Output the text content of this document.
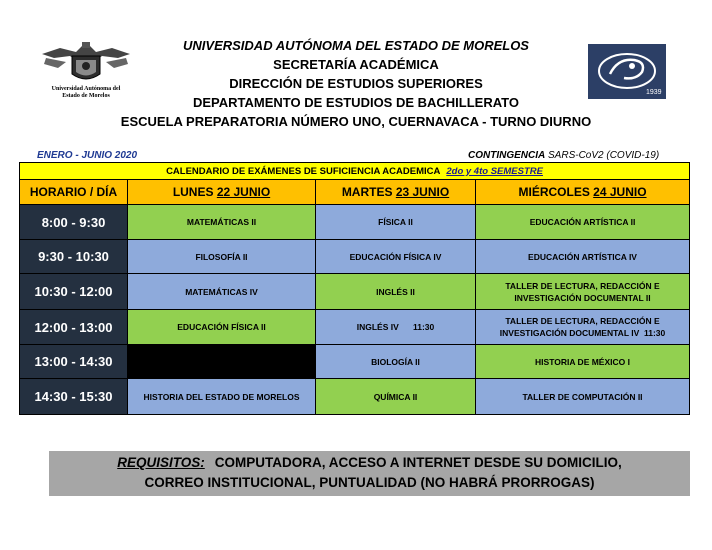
Universidad Autónoma del
Estado de Morelos	1939
UNIVERSIDAD AUTÓNOMA DEL ESTADO DE MORELOS
SECRETARÍA ACADÉMICA
DIRECCIÓN DE ESTUDIOS SUPERIORES
DEPARTAMENTO DE ESTUDIOS DE BACHILLERATO
ESCUELA PREPARATORIA NÚMERO UNO, CUERNAVACA - TURNO DIURNO
ENERO - JUNIO 2020	CONTINGENCIA SARS-CoV2 (COVID-19)
CALENDARIO DE EXÁMENES DE SUFICIENCIA ACADEMICA 2do y 4to SEMESTRE			
HORARIO / DÍA	LUNES 22 JUNIO	MARTES 23 JUNIO	MIÉRCOLES 24 JUNIO
8:00 - 9:30	MATEMÁTICAS II	FÍSICA II	EDUCACIÓN ARTÍSTICA II
9:30 - 10:30	FILOSOFÍA II	EDUCACIÓN FÍSICA IV	EDUCACIÓN ARTÍSTICA IV
10:30 - 12:00	MATEMÁTICAS IV	INGLÉS II	TALLER DE LECTURA, REDACCIÓN E
INVESTIGACIÓN DOCUMENTAL II

12:00 - 13:00	EDUCACIÓN FÍSICA II	INGLÉS IV      11:30	TALLER DE LECTURA, REDACCIÓN E
INVESTIGACIÓN DOCUMENTAL IV  11:30

13:00 - 14:30		BIOLOGÍA II	HISTORIA DE MÉXICO I
14:30 - 15:30	HISTORIA DEL ESTADO DE MORELOS	QUÍMICA II	TALLER DE COMPUTACIÓN II
REQUISITOS: COMPUTADORA, ACCESO A INTERNET DESDE SU DOMICILIO,
CORREO INSTITUCIONAL, PUNTUALIDAD (NO HABRÁ PRORROGAS)
